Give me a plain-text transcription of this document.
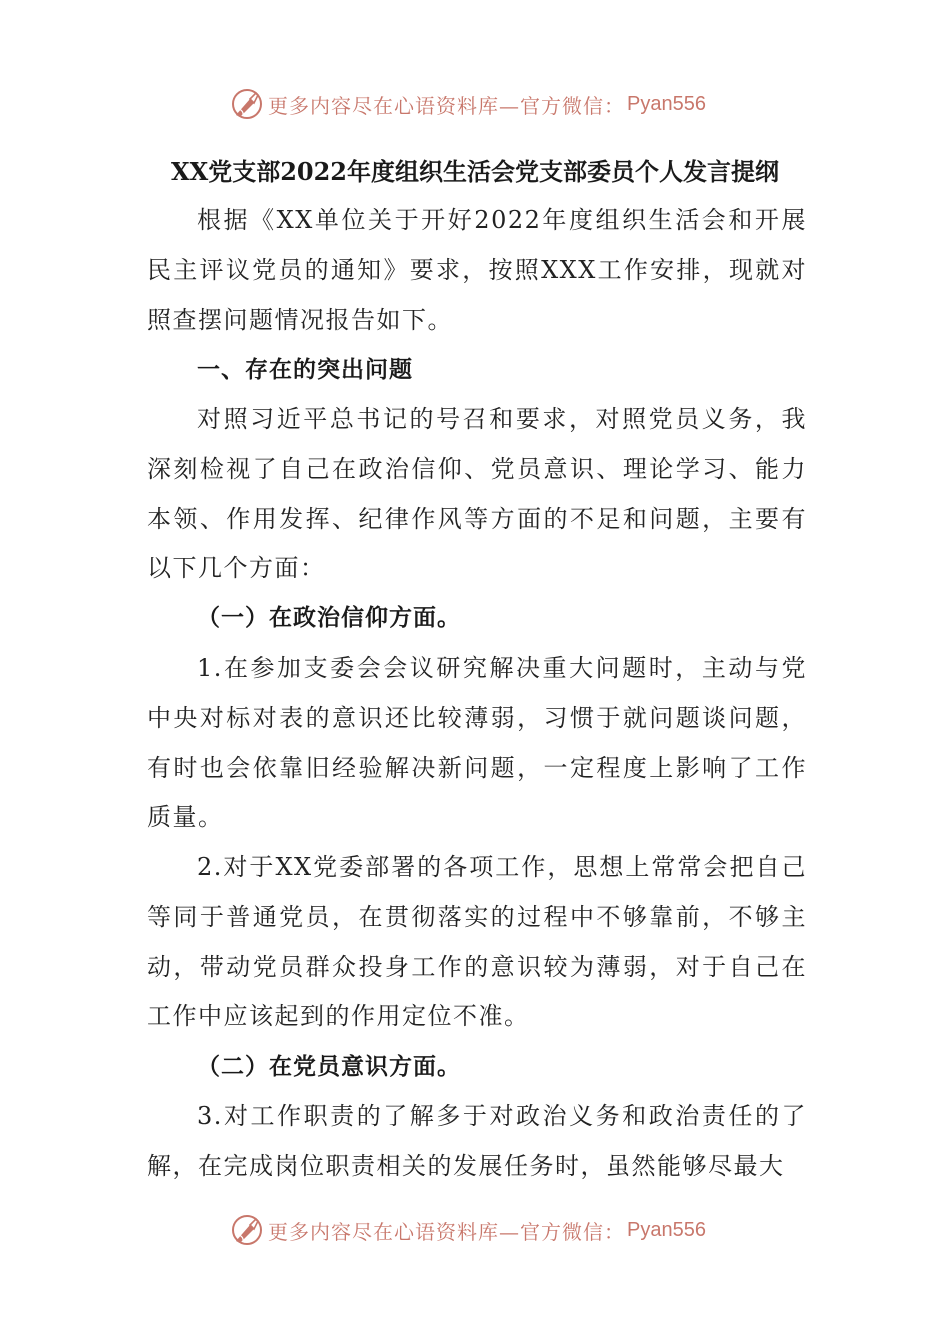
更多内容尽在心语资料库—官方微信： Pyan556
XX党支部2022年度组织生活会党支部委员个人发言提纲

根据《XX单位关于开好2022年度组织生活会和开展民主评议党员的通知》要求，按照XXX工作安排，现就对照查摆问题情况报告如下。

一、存在的突出问题

对照习近平总书记的号召和要求，对照党员义务，我深刻检视了自己在政治信仰、党员意识、理论学习、能力本领、作用发挥、纪律作风等方面的不足和问题，主要有以下几个方面：

（一）在政治信仰方面。

1.在参加支委会会议研究解决重大问题时，主动与党中央对标对表的意识还比较薄弱，习惯于就问题谈问题，有时也会依靠旧经验解决新问题，一定程度上影响了工作质量。

2.对于XX党委部署的各项工作，思想上常常会把自己等同于普通党员，在贯彻落实的过程中不够靠前，不够主动，带动党员群众投身工作的意识较为薄弱，对于自己在工作中应该起到的作用定位不准。

（二）在党员意识方面。

3.对工作职责的了解多于对政治义务和政治责任的了解，在完成岗位职责相关的发展任务时，虽然能够尽最大

更多内容尽在心语资料库—官方微信： Pyan556
